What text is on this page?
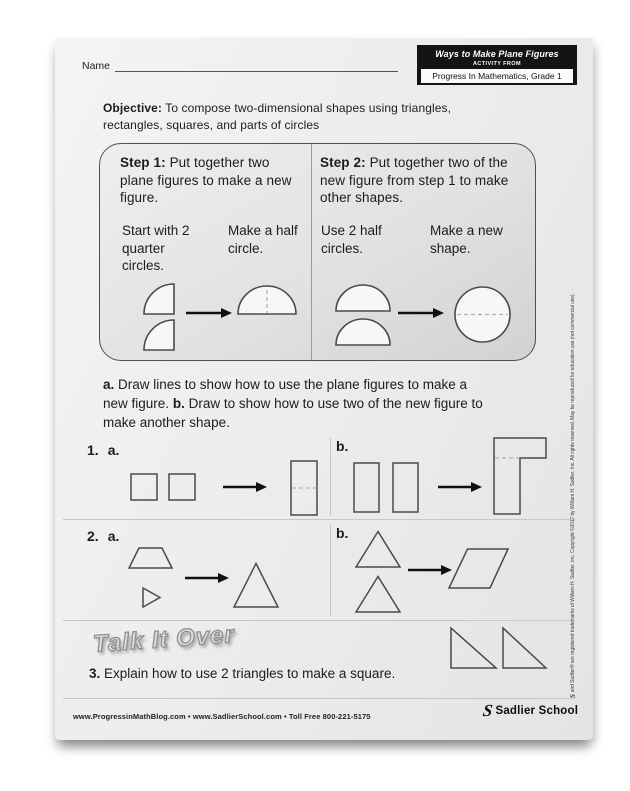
Name
Ways to Make Plane Figures
ACTIVITY FROM
Progress In Mathematics, Grade 1
Objective: To compose two-dimensional shapes using triangles, rectangles, squares, and parts of circles
Step 1: Put together two plane figures to make a new figure.
Step 2: Put together two of the new figure from step 1 to make other shapes.
Start with 2 quarter circles.
Make a half circle.
Use 2 half circles.
Make a new shape.
a. Draw lines to show how to use the plane figures to make a new figure. b. Draw to show how to use two of the new figure to make another shape.
1. a.	b.
2. a.	b.
Talk It Over
3. Explain how to use 2 triangles to make a square.
www.ProgressinMathBlog.com • www.SadlierSchool.com • Toll Free 800-221-5175	S Sadlier School
S
and Sadlier® are registered trademarks of William H. Sadlier, Inc. Copyright ©2017 by William H. Sadlier, Inc. All rights reserved. May be reproduced for education use (not commercial use).
